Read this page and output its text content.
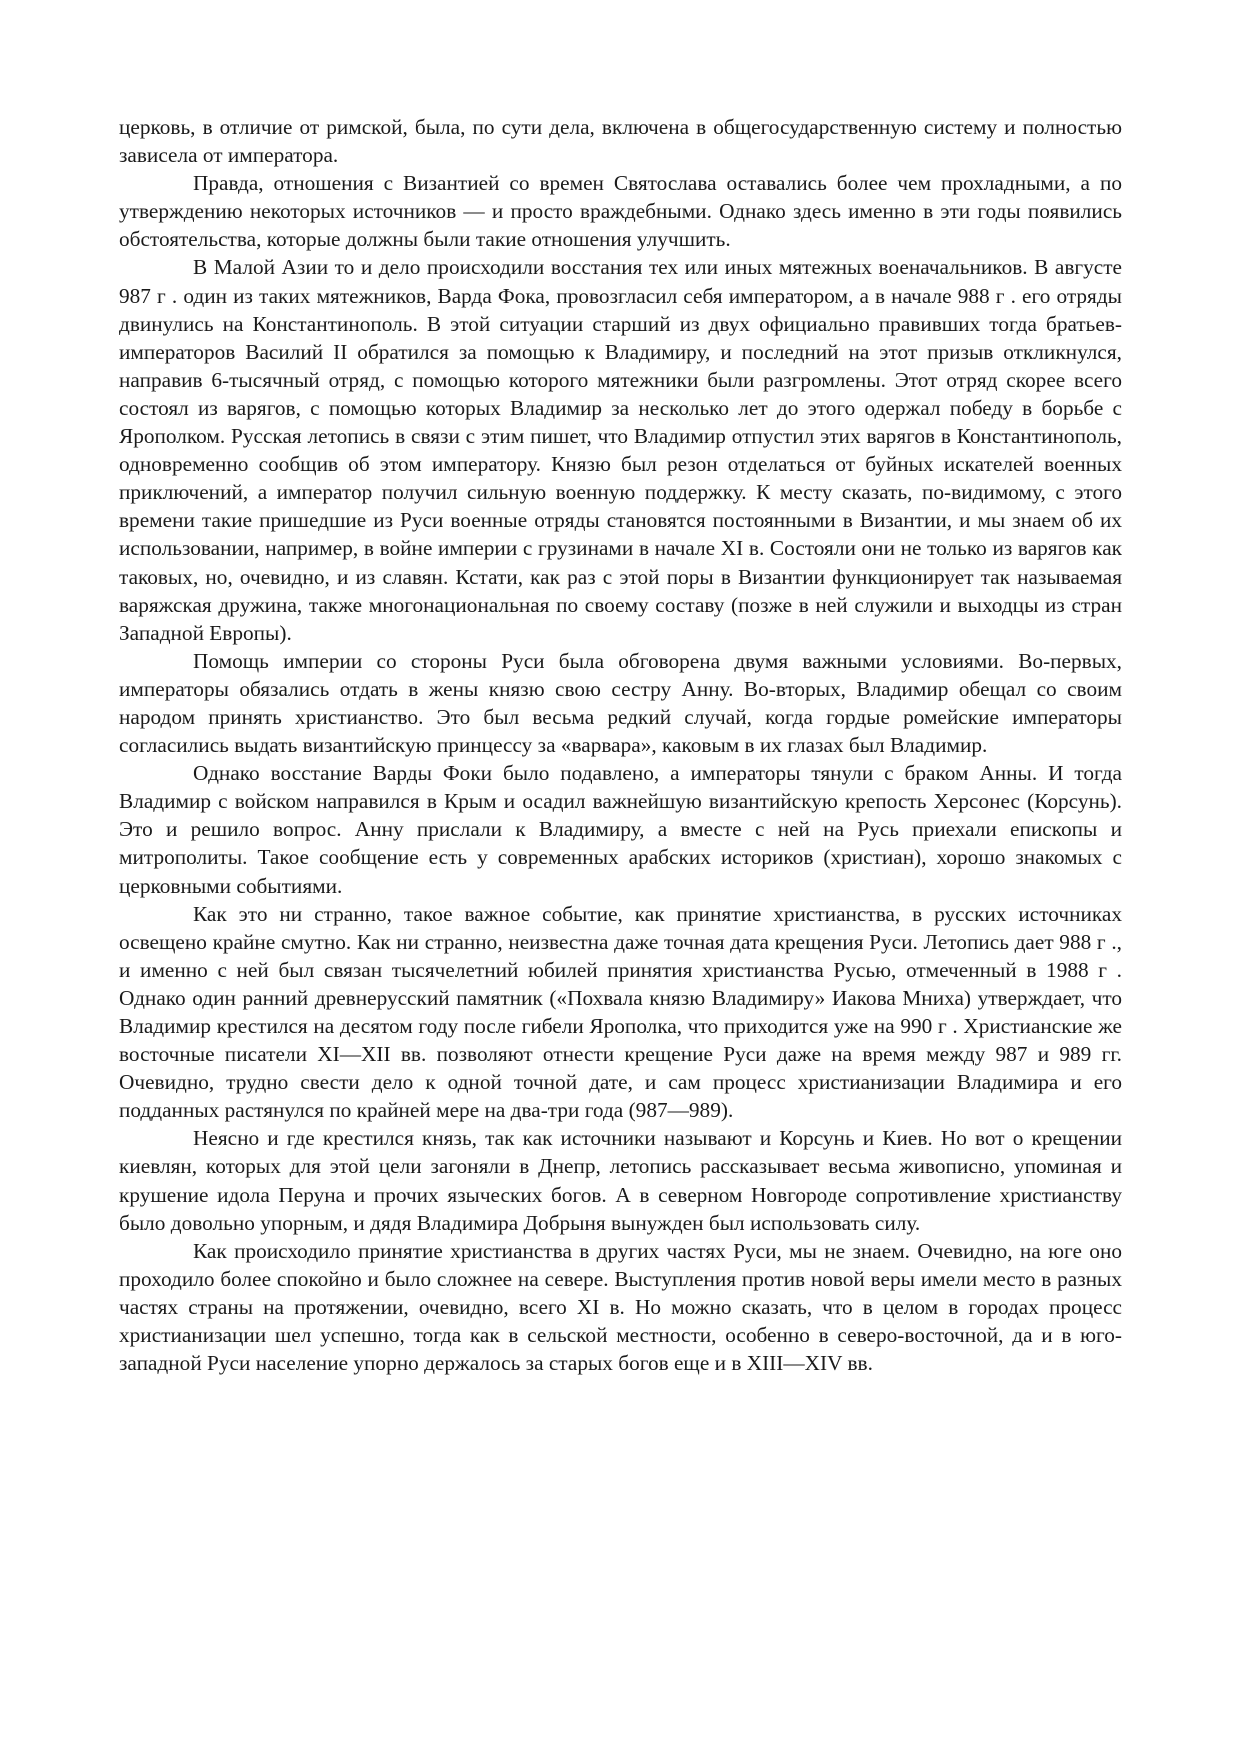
церковь, в отличие от римской, была, по сути дела, включена в общегосударственную систему и полностью зависела от императора.

Правда, отношения с Византией со времен Святослава оставались более чем прохладными, а по утверждению некоторых источников — и просто враждебными. Однако здесь именно в эти годы появились обстоятельства, которые должны были такие отношения улучшить.

В Малой Азии то и дело происходили восстания тех или иных мятежных военачальников. В августе 987 г . один из таких мятежников, Варда Фока, провозгласил себя императором, а в начале 988 г . его отряды двинулись на Константинополь. В этой ситуации старший из двух официально правивших тогда братьев-императоров Василий II обратился за помощью к Владимиру, и последний на этот призыв откликнулся, направив 6-тысячный отряд, с помощью которого мятежники были разгромлены. Этот отряд скорее всего состоял из варягов, с помощью которых Владимир за несколько лет до этого одержал победу в борьбе с Ярополком. Русская летопись в связи с этим пишет, что Владимир отпустил этих варягов в Константинополь, одновременно сообщив об этом императору. Князю был резон отделаться от буйных искателей военных приключений, а император получил сильную военную поддержку. К месту сказать, по-видимому, с этого времени такие пришедшие из Руси военные отряды становятся постоянными в Византии, и мы знаем об их использовании, например, в войне империи с грузинами в начале XI в. Состояли они не только из варягов как таковых, но, очевидно, и из славян. Кстати, как раз с этой поры в Византии функционирует так называемая варяжская дружина, также многонациональная по своему составу (позже в ней служили и выходцы из стран Западной Европы).

Помощь империи со стороны Руси была обговорена двумя важными условиями. Во-первых, императоры обязались отдать в жены князю свою сестру Анну. Во-вторых, Владимир обещал со своим народом принять христианство. Это был весьма редкий случай, когда гордые ромейские императоры согласились выдать византийскую принцессу за «варвара», каковым в их глазах был Владимир.

Однако восстание Варды Фоки было подавлено, а императоры тянули с браком Анны. И тогда Владимир с войском направился в Крым и осадил важнейшую византийскую крепость Херсонес (Корсунь). Это и решило вопрос. Анну прислали к Владимиру, а вместе с ней на Русь приехали епископы и митрополиты. Такое сообщение есть у современных арабских историков (христиан), хорошо знакомых с церковными событиями.

Как это ни странно, такое важное событие, как принятие христианства, в русских источниках освещено крайне смутно. Как ни странно, неизвестна даже точная дата крещения Руси. Летопись дает 988 г ., и именно с ней был связан тысячелетний юбилей принятия христианства Русью, отмеченный в 1988 г . Однако один ранний древнерусский памятник («Похвала князю Владимиру» Иакова Мниха) утверждает, что Владимир крестился на десятом году после гибели Ярополка, что приходится уже на 990 г . Христианские же восточные писатели XI—XII вв. позволяют отнести крещение Руси даже на время между 987 и 989 гг. Очевидно, трудно свести дело к одной точной дате, и сам процесс христианизации Владимира и его подданных растянулся по крайней мере на два-три года (987—989).

Неясно и где крестился князь, так как источники называют и Корсунь и Киев. Но вот о крещении киевлян, которых для этой цели загоняли в Днепр, летопись рассказывает весьма живописно, упоминая и крушение идола Перуна и прочих языческих богов. А в северном Новгороде сопротивление христианству было довольно упорным, и дядя Владимира Добрыня вынужден был использовать силу.

Как происходило принятие христианства в других частях Руси, мы не знаем. Очевидно, на юге оно проходило более спокойно и было сложнее на севере. Выступления против новой веры имели место в разных частях страны на протяжении, очевидно, всего XI в. Но можно сказать, что в целом в городах процесс христианизации шел успешно, тогда как в сельской местности, особенно в северо-восточной, да и в юго-западной Руси население упорно держалось за старых богов еще и в XIII—XIV вв.
